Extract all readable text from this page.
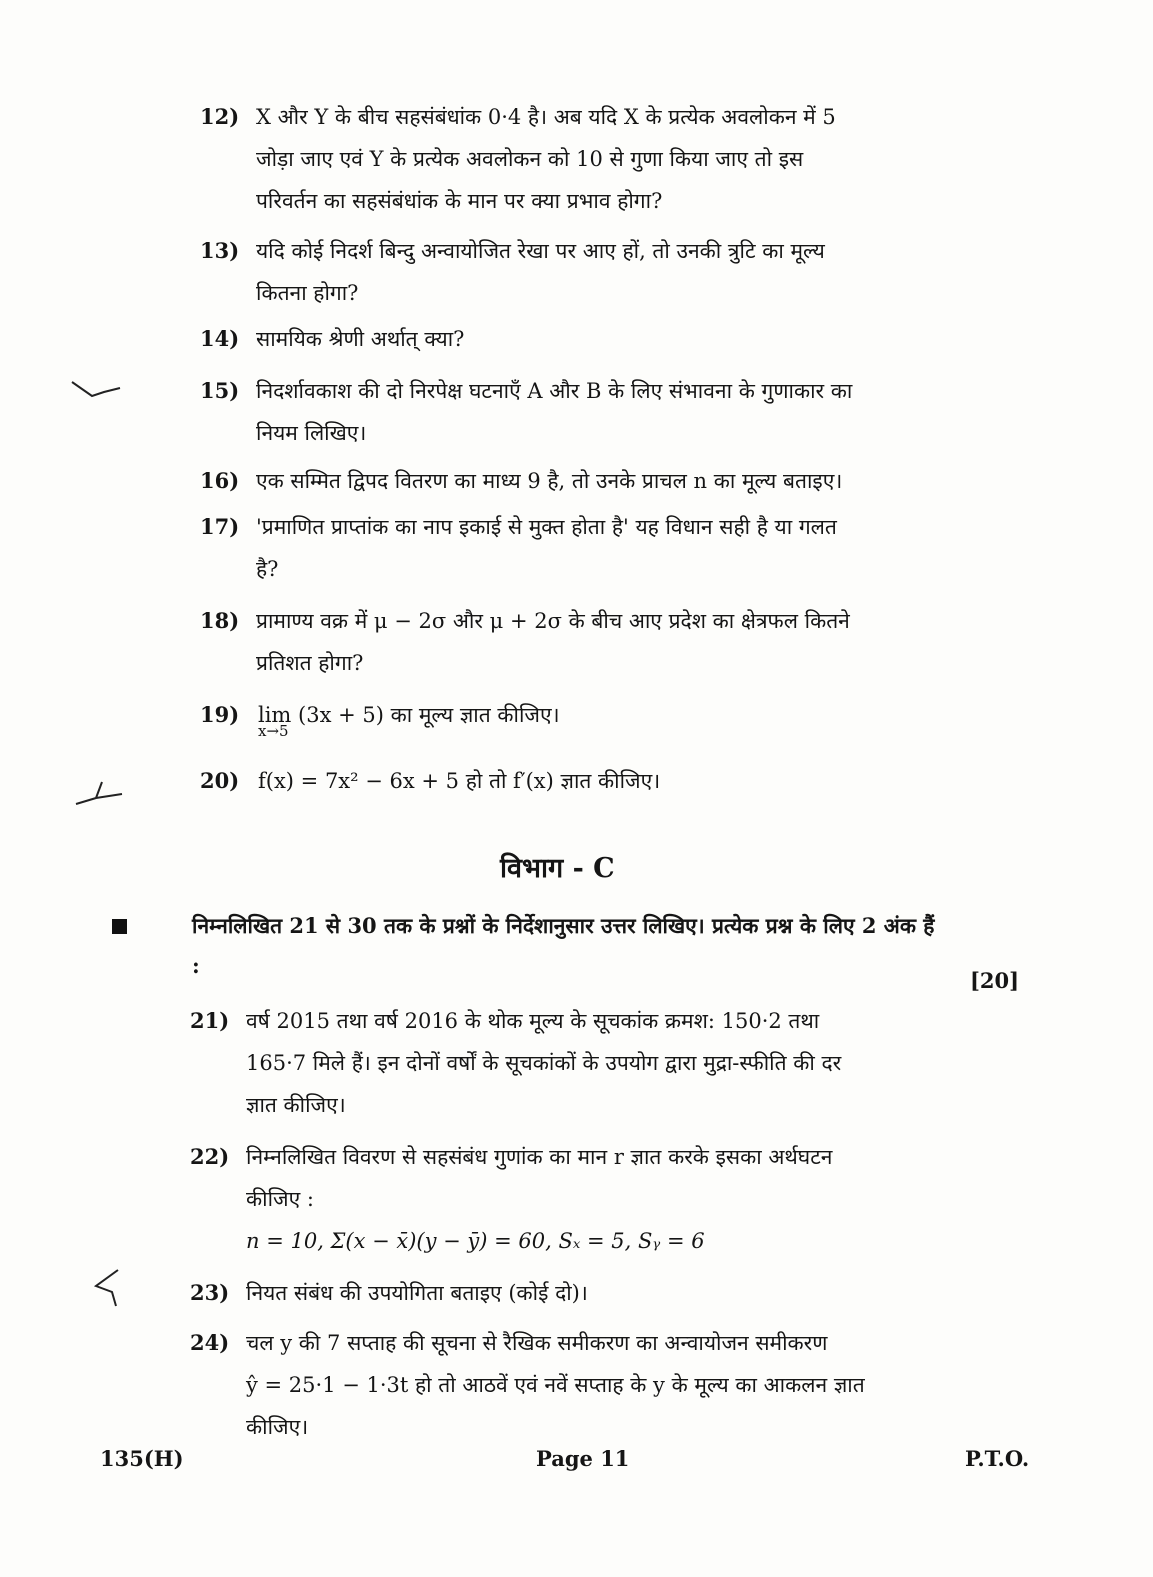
12) X और Y के बीच सहसंबंधांक 0·4 है। अब यदि X के प्रत्येक अवलोकन में 5
जोड़ा जाए एवं Y के प्रत्येक अवलोकन को 10 से गुणा किया जाए तो इस
परिवर्तन का सहसंबंधांक के मान पर क्या प्रभाव होगा?
13) यदि कोई निदर्श बिन्दु अन्वायोजित रेखा पर आए हों, तो उनकी त्रुटि का मूल्य
कितना होगा?
14) सामयिक श्रेणी अर्थात् क्या?
15) निदर्शावकाश की दो निरपेक्ष घटनाएँ A और B के लिए संभावना के गुणाकार का
नियम लिखिए।
16) एक सम्मित द्विपद वितरण का माध्य 9 है, तो उनके प्राचल n का मूल्य बताइए।
17) 'प्रमाणित प्राप्तांक का नाप इकाई से मुक्त होता है' यह विधान सही है या गलत
है?
18) प्रामाण्य वक्र में μ − 2σ और μ + 2σ के बीच आए प्रदेश का क्षेत्रफल कितने
प्रतिशत होगा?
19) lim (3x + 5) का मूल्य ज्ञात कीजिए।
x→5
20) f(x) = 7x² − 6x + 5 हो तो f′(x) ज्ञात कीजिए।
विभाग - C
निम्नलिखित 21 से 30 तक के प्रश्नों के निर्देशानुसार उत्तर लिखिए। प्रत्येक प्रश्न के लिए 2 अंक हैं :
[20]
21) वर्ष 2015 तथा वर्ष 2016 के थोक मूल्य के सूचकांक क्रमश: 150·2 तथा
165·7 मिले हैं। इन दोनों वर्षों के सूचकांकों के उपयोग द्वारा मुद्रा-स्फीति की दर
ज्ञात कीजिए।
22) निम्नलिखित विवरण से सहसंबंध गुणांक का मान r ज्ञात करके इसका अर्थघटन
कीजिए :
n = 10, Σ(x − x̄)(y − ȳ) = 60, Sₓ = 5, Sᵧ = 6
23) नियत संबंध की उपयोगिता बताइए (कोई दो)।
24) चल y की 7 सप्ताह की सूचना से रैखिक समीकरण का अन्वायोजन समीकरण
ŷ = 25·1 − 1·3t हो तो आठवें एवं नवें सप्ताह के y के मूल्य का आकलन ज्ञात
कीजिए।
135(H)	Page 11	P.T.O.
